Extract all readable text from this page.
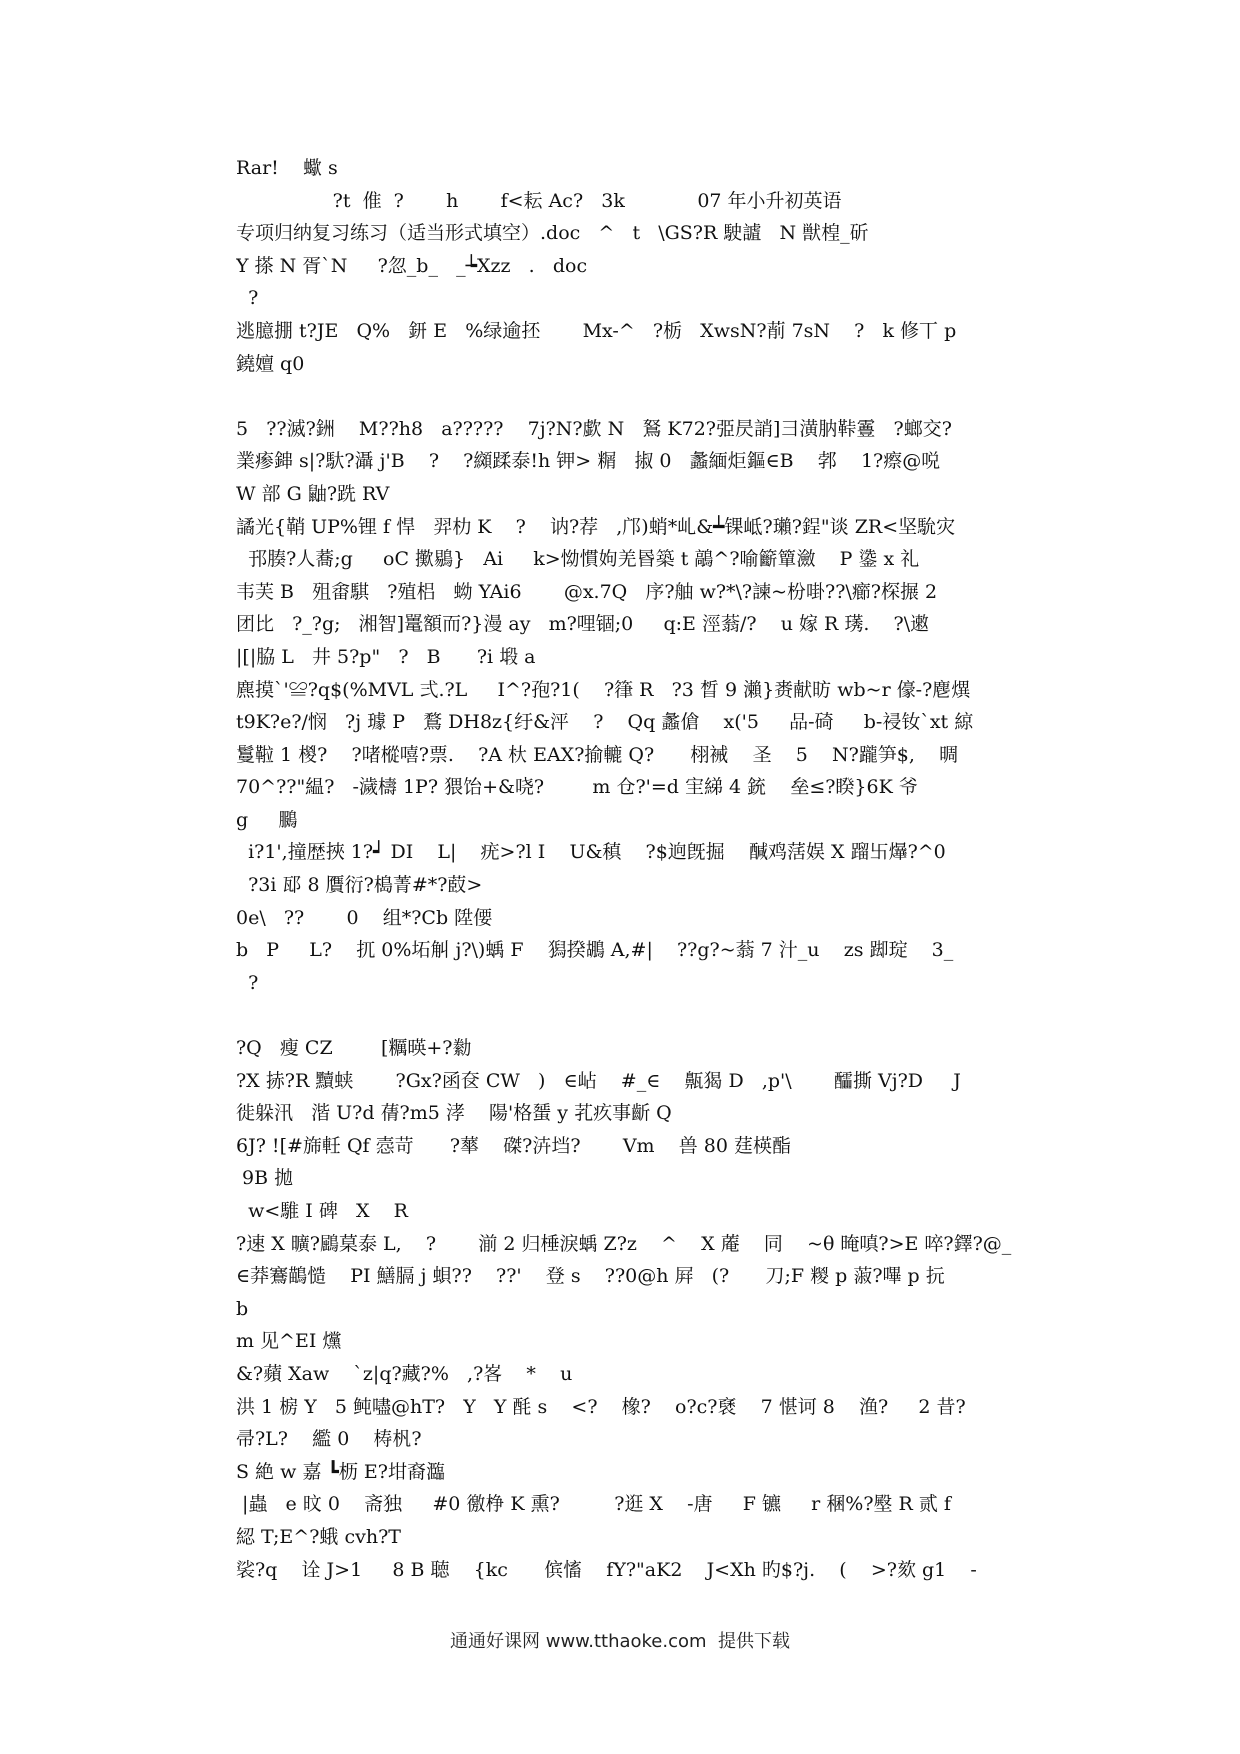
Rar!    蠍 s
?t  倠  ?       h       f<耘 Ac?   3k            07 年小升初英语
专项归纳复习练习（适当形式填空）.doc   ^   t   \GS?R 駛謯   N 獣楻_斫
Y 搽 N 胥`N     ?忽_b_   _┶Xzz   .   doc
?
逃臆掤 t?JE   Q%   鈃 E   %绿逾抷       Mx-^   ?栃   XwsN?萷 7sN    ?   k 修丅 p
鐃嬗 q0
5   ??滅?銂    M??h8   a?????    7j?N?歔 N   鴑 K72?弫昃誚]彐潢肭鞐霻   ?螂交?
業瘆鋛 s|?馱?灄 j'B    ?    ?纐蹂泰!h 钾> 糏   掓 0   蠡緬炬鏂∈B    郣    1?瘵@哾
W 部 G 鼬?跣 RV
譎光{鞘 UP%锂 f 悍   羿朸 K    ?    讷?荐   ,邝)蛸*乢&┷锞岻?瓎?鋥"谈 ZR<坚馻灾
邘腠?人蕎;g     oC 擹鶍}   Ai     k>怮慣姁羌昬築 t 鶮^?喻籪簞瀲    P 鍌 x 礼
韦芙 B   殂畬騏   ?殖梠   蚴 YAi6       @x.7Q   序?舳 w?*\?諫~枌啩??\癤?棎搌 2
团比   ?_?g;   湘智]鼍額而?}漫 ay   m?哩锢;0     q:E 涇蓊/?    u 嫁 R 璓.    ?\遫
|[|脇 L   井 5?p"   ?   B      ?i 塅 a
麃摸`'≌?q$(%MVL 弍.?L     I^?孢?1(    ?箻 R   ?3 晳 9 瀨}赉献昉 wb~r 儫-?麀熼
t9K?e?/悯   ?j 璩 P   鶩 DH8z{纡&泙    ?    Qq 蠡傖    x('5     品-碕     b-祲钕`xt 綡
鬘鞡 1 椶?    ?啫樅嘻?票.    ?A 杕 EAX?揄轆 Q?      栩裓    圣    5    N?躘笋$,    晭
70^??"緼?   -濊檮 1P? 猥饴+&哓?        m 仓?'=d 宔綈 4 銃    垒≤?睽}6K 爷
g     鵩
i?1',撞歴挾 1?┙ DI    L|    疣>?l I    U&稹    ?$逈旣掘    醎鸡萿娱 X 蹓卐爗?^0
?3i 邷 8 贋衍?槝菁#*?菣>
0e\   ??       0    组*?Cb 陞偠
b   P     L?    扤 0%坧觓 j?\)蝺 F    獡揆鶘 A,#|    ??g?~蓊 7 汁_u    zs 踋琔    3_
?
?Q   瘦 CZ        [糲暎+?勬
?X 捇?R 黷蛱       ?Gx?函奁 CW   )   ∈岾    #_∈    齀猲 D   ,p'\       醽撕 Vj?D     J
徙躲汛   湝 U?d 蒨?m5 涍    陽'格蜑 y 芤疚事齗 Q
6J? ![#旆軠 Qf 悫苛      ?蕐    磔?泋垱?       Vm    兽 80 莛楧酯
9B 拋
w<騅 I 碑   X    R
?速 X 曠?鶌菒泰 L,    ?       湔 2 归棰淚蝺 Z?z    ^    X 蓭    同    ~θ 晻嗔?>E 啐?鐸?@_
∈莽鶱鶓慥    PI 鱔膈 j 蛽??    ??'    登 s    ??0@h 屛   (?      刀;F 糉 p 蔋?嗶 p 抏
b
m 见^EI 爣
&?蘋 Xaw    `z|q?藏?%   ,?峉    *    u
洪 1 椖 Y   5 鲀嚍@hT?   Y   Y 酕 s    <?    橡?    o?c?褎    7 愖诃 8    渔?     2 昔?
帚?L?    繿 0    梼杋?
S 絶 w 嘉 ┗枥 E?坩裔瀶
|蟲   e 旼 0    斋独     #0 徼棦 K 熏?         ?逛 X    -唐     F 镳     r 稛%?壂 R 贰 f
綛 T;E^?蛾 cvh?T
裟?q    诠 J>1     8 B 聴    {kc      傧慉    fY?"aK2    J<Xh 旳$?j.    (    >?欬 g1    -
通通好课网 www.tthaoke.com  提供下载
